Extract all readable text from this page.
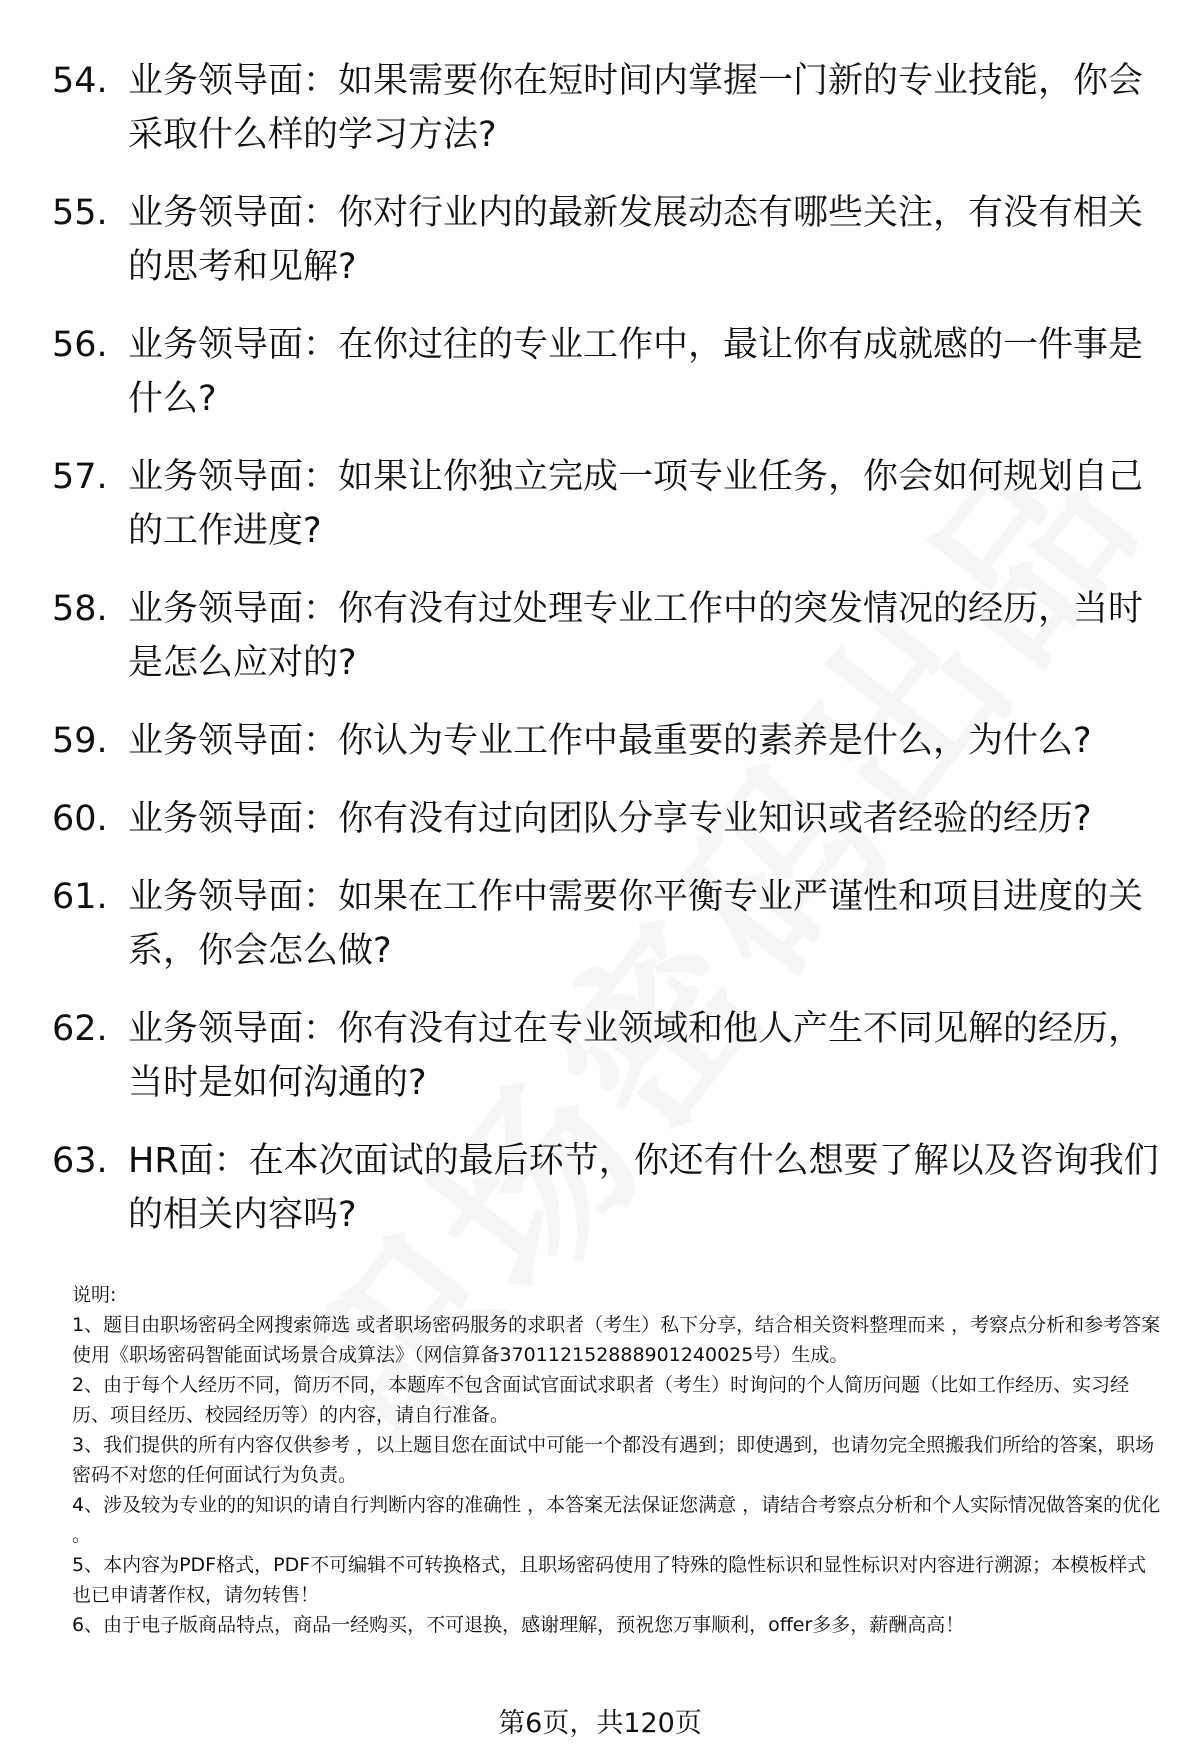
54. 业务领导面：如果需要你在短时间内掌握一门新的专业技能，你会采取什么样的学习方法?
55. 业务领导面：你对行业内的最新发展动态有哪些关注，有没有相关的思考和见解?
56. 业务领导面：在你过往的专业工作中，最让你有成就感的一件事是什么?
57. 业务领导面：如果让你独立完成一项专业任务，你会如何规划自己的工作进度?
58. 业务领导面：你有没有过处理专业工作中的突发情况的经历，当时是怎么应对的?
59. 业务领导面：你认为专业工作中最重要的素养是什么，为什么?
60. 业务领导面：你有没有过向团队分享专业知识或者经验的经历?
61. 业务领导面：如果在工作中需要你平衡专业严谨性和项目进度的关系，你会怎么做?
62. 业务领导面：你有没有过在专业领域和他人产生不同见解的经历，当时是如何沟通的?
63. HR面：在本次面试的最后环节，你还有什么想要了解以及咨询我们的相关内容吗?

说明:

1、题目由职场密码全网搜索筛选 或者职场密码服务的求职者（考生）私下分享，结合相关资料整理而来 ，考察点分析和参考答案使用《职场密码智能面试场景合成算法》（网信算备370112152888901240025号）生成。

2、由于每个人经历不同，简历不同，本题库不包含面试官面试求职者（考生）时询问的个人简历问题（比如工作经历、实习经历、项目经历、校园经历等）的内容，请自行准备。

3、我们提供的所有内容仅供参考 ，以上题目您在面试中可能一个都没有遇到；即使遇到，也请勿完全照搬我们所给的答案，职场密码不对您的任何面试行为负责。

4、涉及较为专业的的知识的请自行判断内容的准确性 ，本答案无法保证您满意 ，请结合考察点分析和个人实际情况做答案的优化 。

5、本内容为PDF格式，PDF不可编辑不可转换格式，且职场密码使用了特殊的隐性标识和显性标识对内容进行溯源；本模板样式也已申请著作权，请勿转售！

6、由于电子版商品特点，商品一经购买，不可退换，感谢理解，预祝您万事顺利，offer多多，薪酬高高！

第6页，共120页
